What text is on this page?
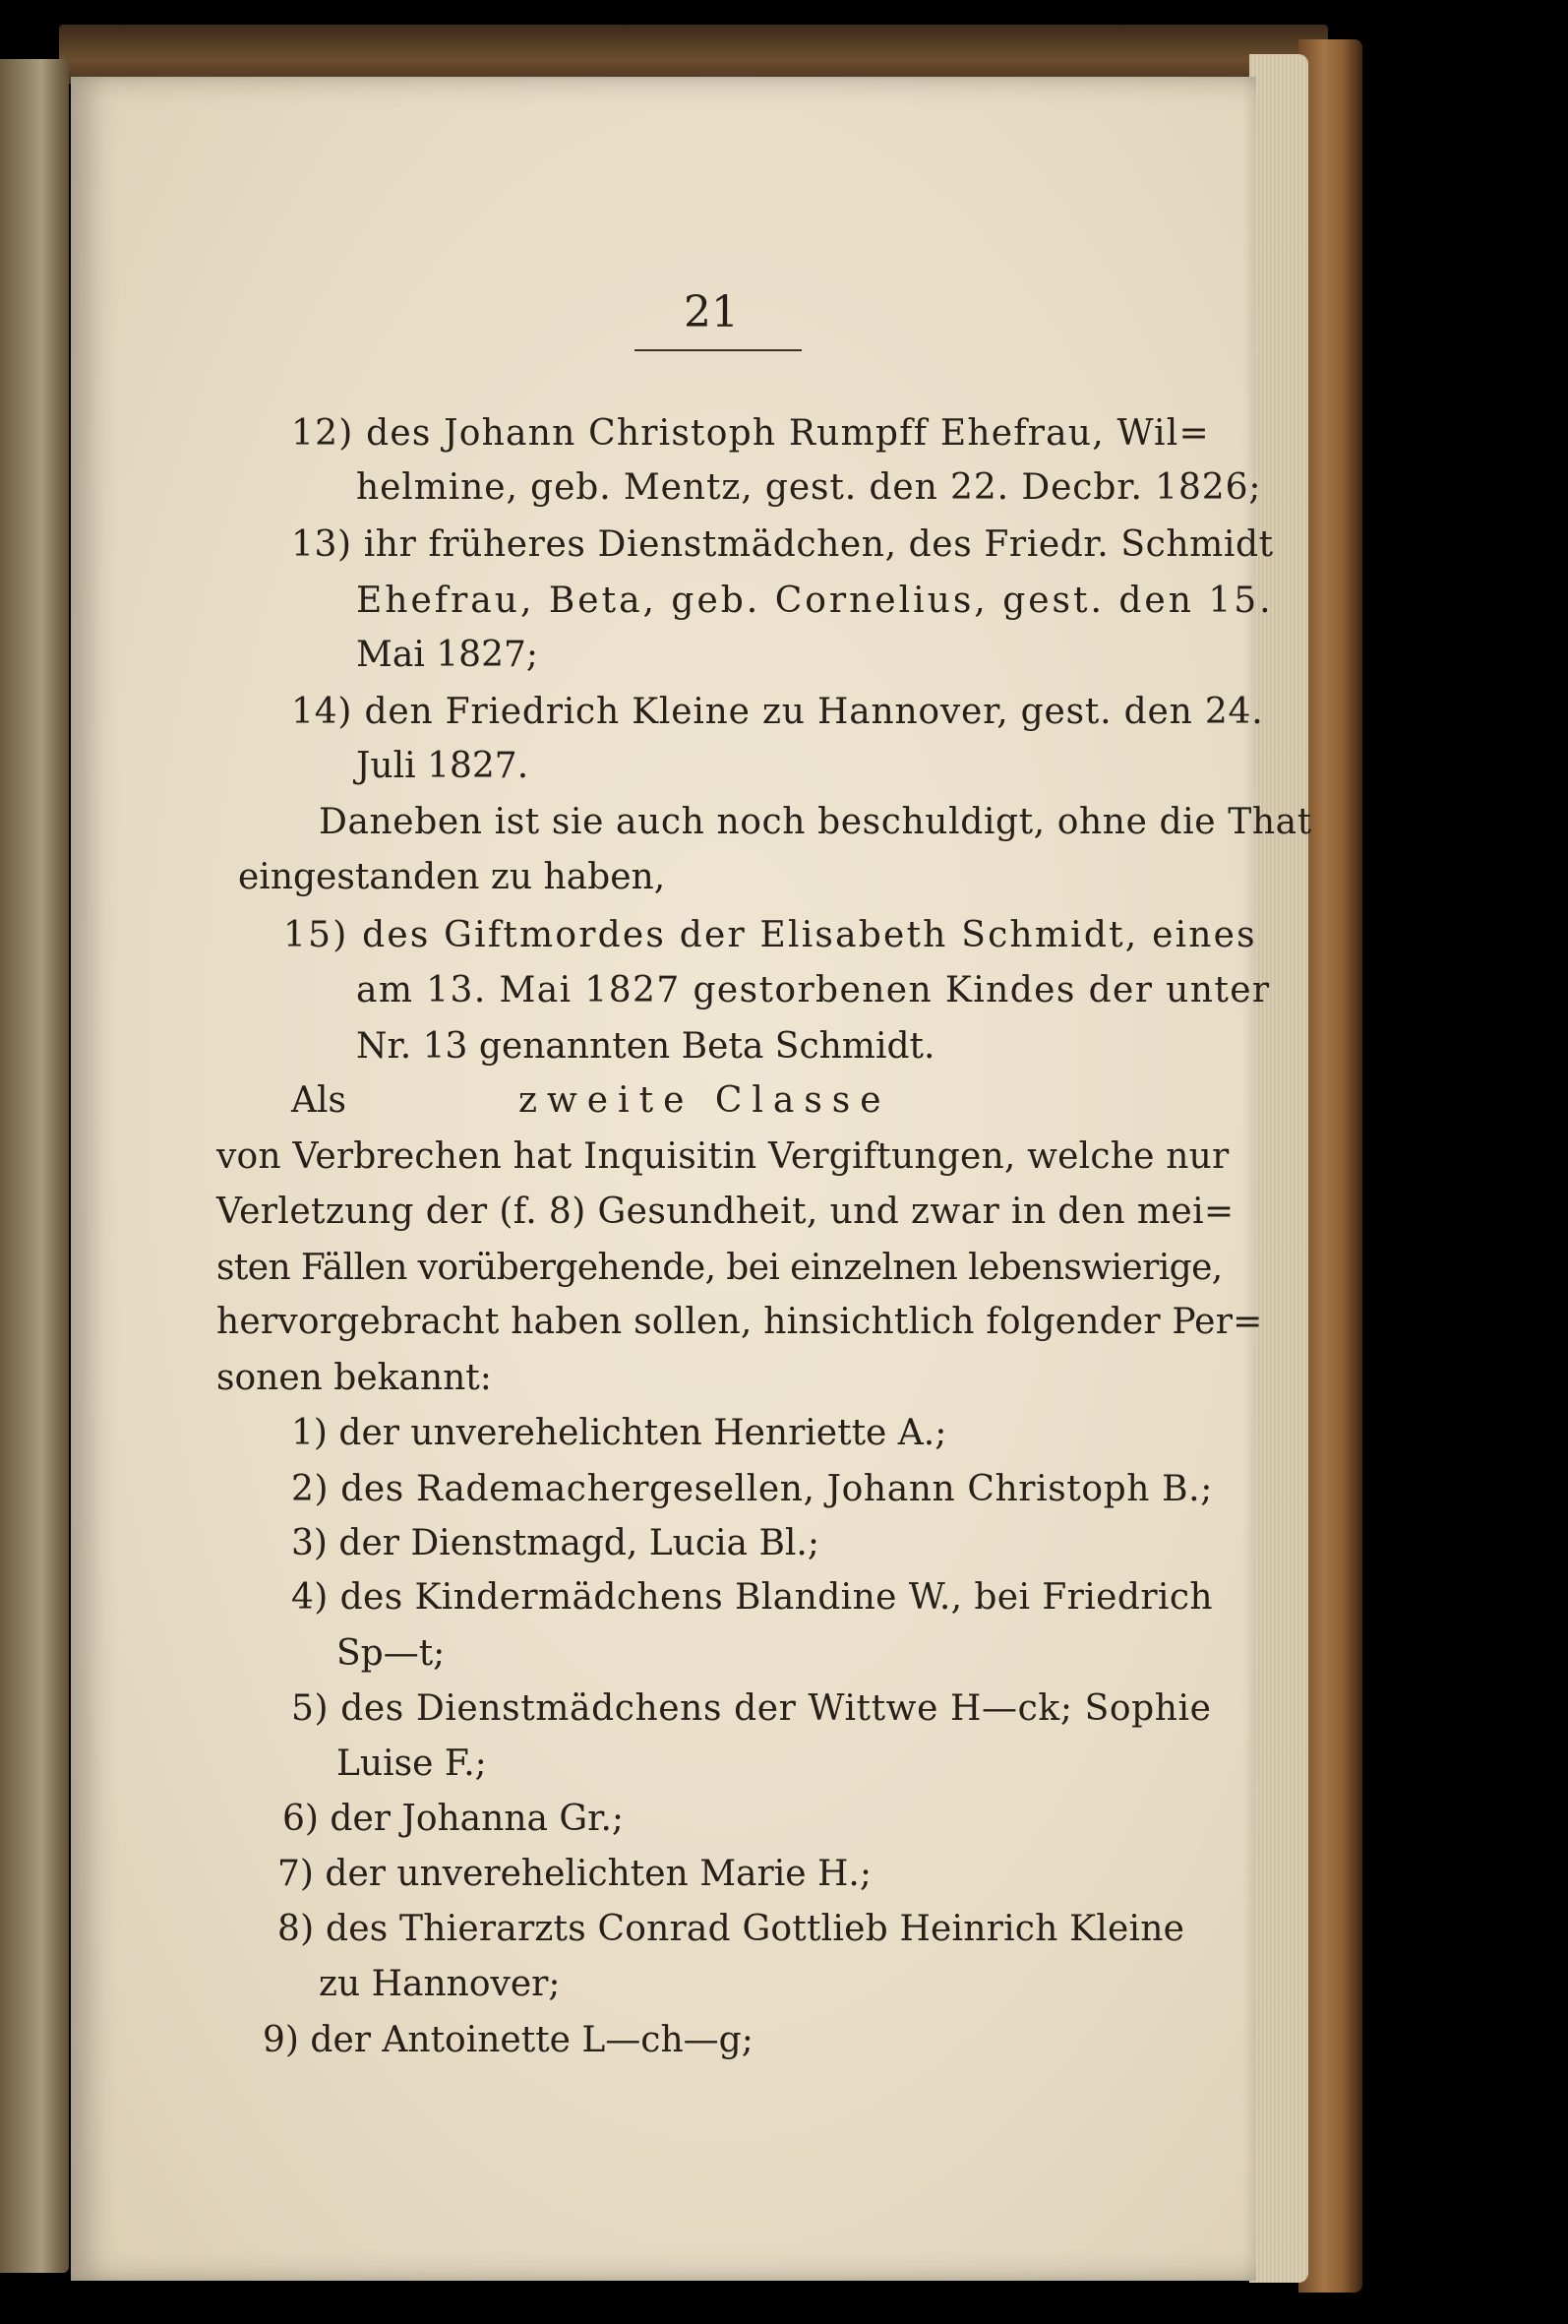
21
12) des Johann Christoph Rumpff Ehefrau, Wil=
helmine, geb. Mentz, gest. den 22. Decbr. 1826;
13) ihr früheres Dienstmädchen, des Friedr. Schmidt
Ehefrau, Beta, geb. Cornelius, gest. den 15.
Mai 1827;
14) den Friedrich Kleine zu Hannover, gest. den 24.
Juli 1827.
Daneben ist sie auch noch beschuldigt, ohne die That
eingestanden zu haben,
15) des Giftmordes der Elisabeth Schmidt, eines
am 13. Mai 1827 gestorbenen Kindes der unter
Nr. 13 genannten Beta Schmidt.
Als	zweite Classe
von Verbrechen hat Inquisitin Vergiftungen, welche nur
Verletzung der (f. 8) Gesundheit, und zwar in den mei=
sten Fällen vorübergehende, bei einzelnen lebenswierige,
hervorgebracht haben sollen, hinsichtlich folgender Per=
sonen bekannt:
1) der unverehelichten Henriette A.;
2) des Rademachergesellen, Johann Christoph B.;
3) der Dienstmagd, Lucia Bl.;
4) des Kindermädchens Blandine W., bei Friedrich
Sp—t;
5) des Dienstmädchens der Wittwe H—ck; Sophie
Luise F.;
6) der Johanna Gr.;
7) der unverehelichten Marie H.;
8) des Thierarzts Conrad Gottlieb Heinrich Kleine
zu Hannover;
9) der Antoinette L—ch—g;
